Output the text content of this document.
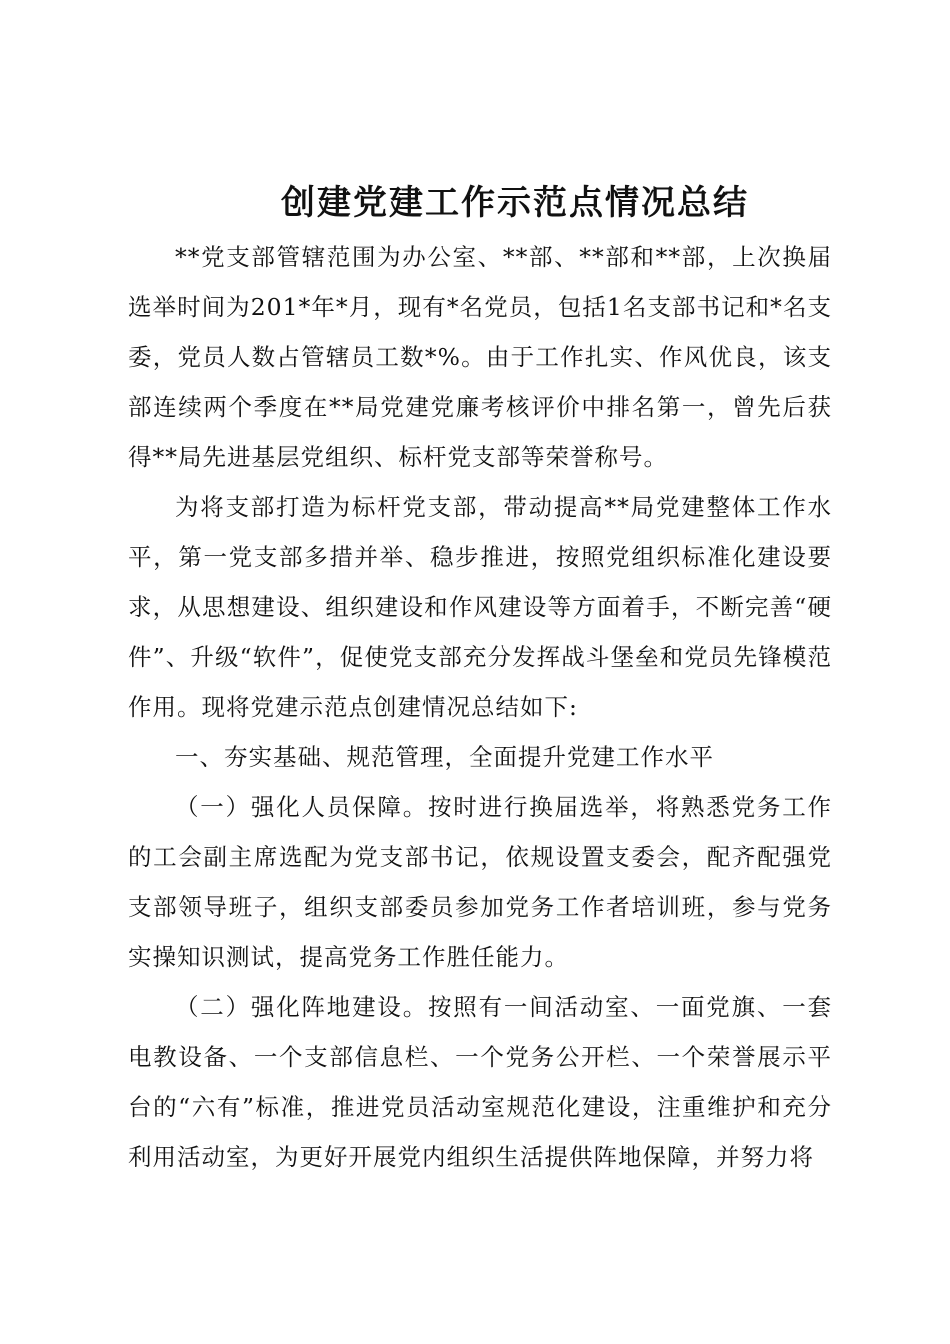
创建党建工作示范点情况总结

**党支部管辖范围为办公室、**部、**部和**部，上次换届选举时间为201*年*月，现有*名党员，包括1名支部书记和*名支委，党员人数占管辖员工数*%。由于工作扎实、作风优良，该支部连续两个季度在**局党建党廉考核评价中排名第一，曾先后获得**局先进基层党组织、标杆党支部等荣誉称号。

为将支部打造为标杆党支部，带动提高**局党建整体工作水平，第一党支部多措并举、稳步推进，按照党组织标准化建设要求，从思想建设、组织建设和作风建设等方面着手，不断完善“硬件”、升级“软件”，促使党支部充分发挥战斗堡垒和党员先锋模范作用。现将党建示范点创建情况总结如下:

一、夯实基础、规范管理，全面提升党建工作水平

（一）强化人员保障。按时进行换届选举，将熟悉党务工作的工会副主席选配为党支部书记，依规设置支委会，配齐配强党支部领导班子，组织支部委员参加党务工作者培训班，参与党务实操知识测试，提高党务工作胜任能力。

（二）强化阵地建设。按照有一间活动室、一面党旗、一套电教设备、一个支部信息栏、一个党务公开栏、一个荣誉展示平台的“六有”标准，推进党员活动室规范化建设，注重维护和充分利用活动室，为更好开展党内组织生活提供阵地保障，并努力将
